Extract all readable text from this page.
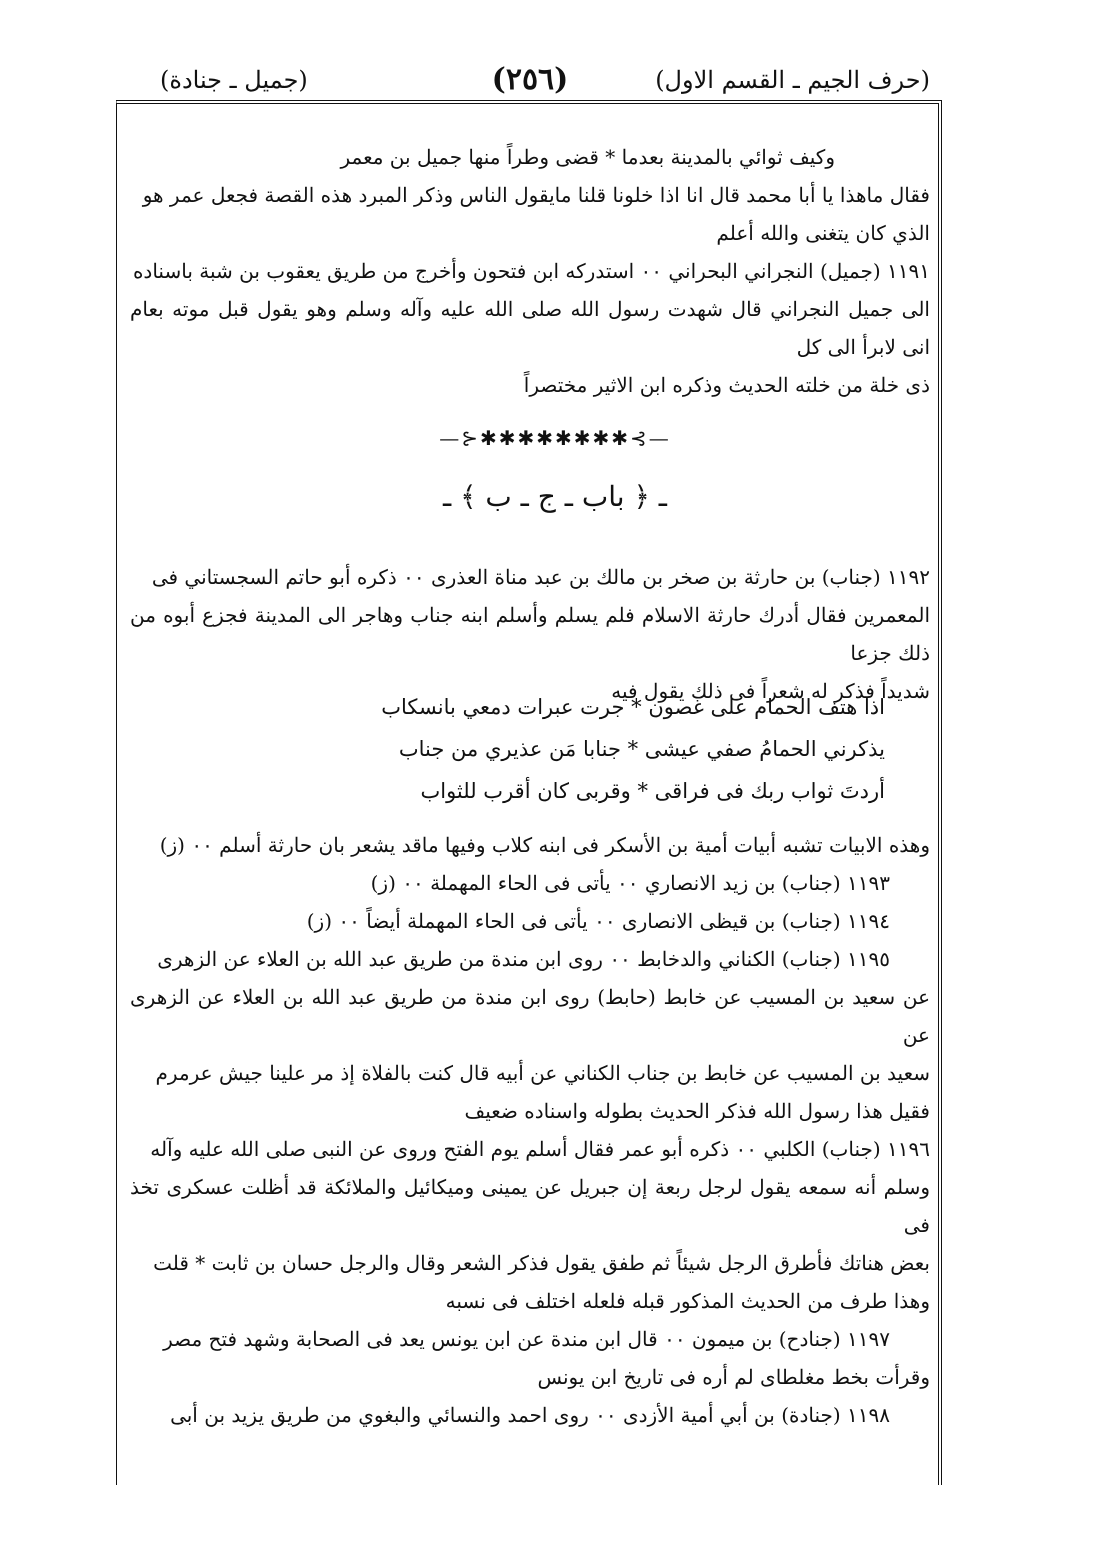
(حرف الجيم ـ القسم الاول)
(٢٥٦)
(جميل ـ جنادة)

وكيف ثوائي بالمدينة بعدما * قضى وطراً منها جميل بن معمر

فقال ماهذا يا أبا محمد قال انا اذا خلونا قلنا مايقول الناس وذكر المبرد هذه القصة فجعل عمر هو

الذي كان يتغنى والله أعلم

١١٩١ (جميل) النجراني البحراني ٠٠ استدركه ابن فتحون وأخرج من طريق يعقوب بن شبة باسناده

الى جميل النجراني قال شهدت رسول الله صلى الله عليه وآله وسلم وهو يقول قبل موته بعام انى لابرأ الى كل

ذى خلة من خلته الحديث وذكره ابن الاثير مختصراً

—⊱✱✱✱✱✱✱✱✱⊰—
ـ ﴿ باب ـ ج ـ ب ﴾ ـ

١١٩٢ (جناب) بن حارثة بن صخر بن مالك بن عبد مناة العذرى ٠٠ ذكره أبو حاتم السجستاني فى

المعمرين فقال أدرك حارثة الاسلام فلم يسلم وأسلم ابنه جناب وهاجر الى المدينة فجزع أبوه من ذلك جزعا

شديداً فذكر له شعراً فى ذلك يقول فيه

اذا هتف الحمام على غصون * جرت عبرات دمعي بانسكاب

يذكرني الحمامُ صفي عيشى * جنابا مَن عذيري من جناب

أردتَ ثواب ربك فى فراقى * وقربى كان أقرب للثواب

وهذه الابيات تشبه أبيات أمية بن الأسكر فى ابنه كلاب وفيها ماقد يشعر بان حارثة أسلم ٠٠ (ز)

١١٩٣ (جناب) بن زيد الانصاري ٠٠ يأتى فى الحاء المهملة ٠٠ (ز)

١١٩٤ (جناب) بن قيظى الانصارى ٠٠ يأتى فى الحاء المهملة أيضاً ٠٠ (ز)

١١٩٥ (جناب) الكناني والدخابط ٠٠ روى ابن مندة من طريق عبد الله بن العلاء عن الزهرى

عن سعيد بن المسيب عن خابط (حابط) روى ابن مندة من طريق عبد الله بن العلاء عن الزهرى عن

سعيد بن المسيب عن خابط بن جناب الكناني عن أبيه قال كنت بالفلاة إذ مر علينا جيش عرمرم

فقيل هذا رسول الله فذكر الحديث بطوله واسناده ضعيف

١١٩٦ (جناب) الكلبي ٠٠ ذكره أبو عمر فقال أسلم يوم الفتح وروى عن النبى صلى الله عليه وآله

وسلم أنه سمعه يقول لرجل ربعة إن جبريل عن يمينى وميكائيل والملائكة قد أظلت عسكرى تخذ فى

بعض هناتك فأطرق الرجل شيئاً ثم طفق يقول فذكر الشعر وقال والرجل حسان بن ثابت * قلت

وهذا طرف من الحديث المذكور قبله فلعله اختلف فى نسبه

١١٩٧ (جنادح) بن ميمون ٠٠ قال ابن مندة عن ابن يونس يعد فى الصحابة وشهد فتح مصر

وقرأت بخط مغلطاى لم أره فى تاريخ ابن يونس

١١٩٨ (جنادة) بن أبي أمية الأزدى ٠٠ روى احمد والنسائي والبغوي من طريق يزيد بن أبى
